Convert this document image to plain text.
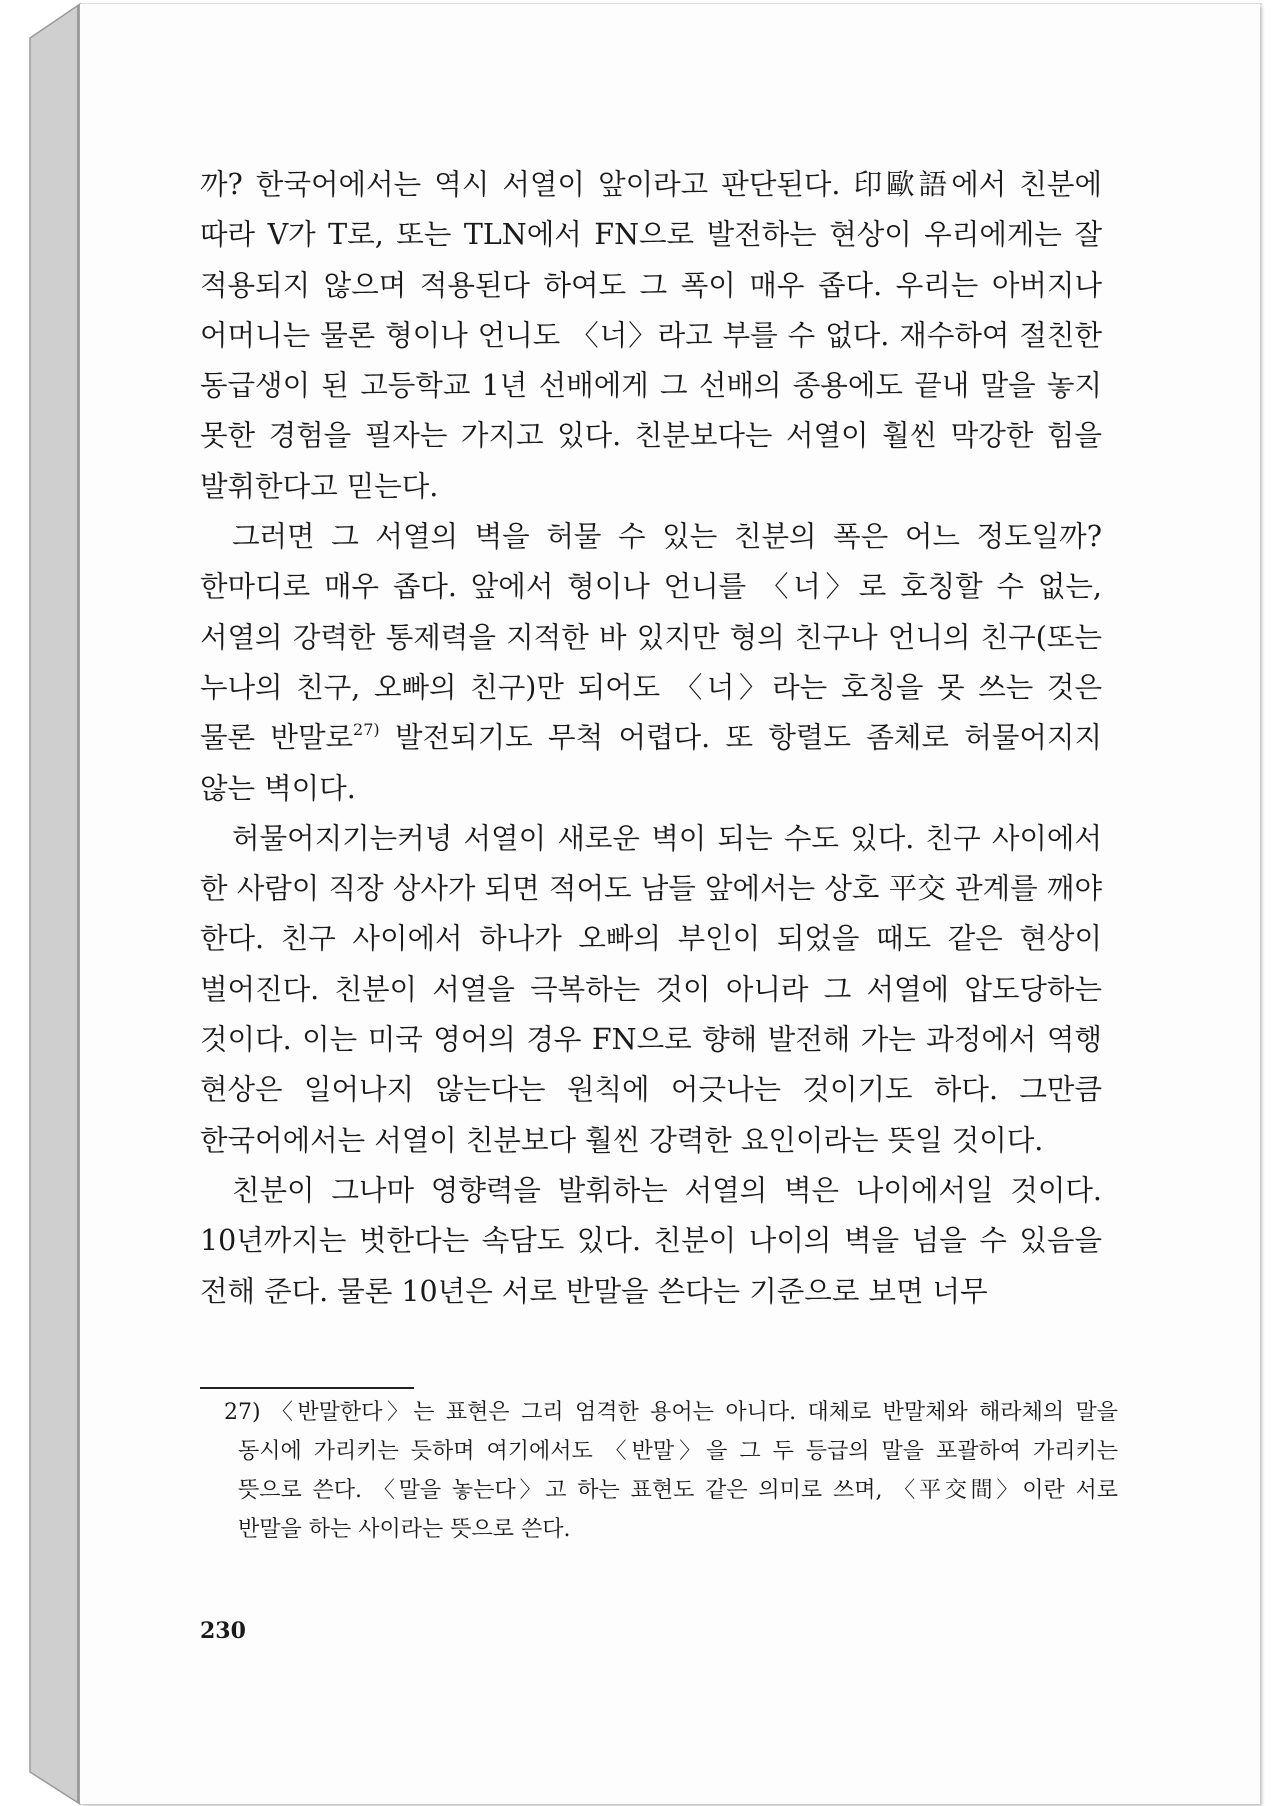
까? 한국어에서는 역시 서열이 앞이라고 판단된다. 印歐語에서 친분에 따라 V가 T로, 또는 TLN에서 FN으로 발전하는 현상이 우리에게는 잘 적용되지 않으며 적용된다 하여도 그 폭이 매우 좁다. 우리는 아버지나 어머니는 물론 형이나 언니도 〈너〉라고 부를 수 없다. 재수하여 절친한 동급생이 된 고등학교 1년 선배에게 그 선배의 종용에도 끝내 말을 놓지 못한 경험을 필자는 가지고 있다. 친분보다는 서열이 훨씬 막강한 힘을 발휘한다고 믿는다.

그러면 그 서열의 벽을 허물 수 있는 친분의 폭은 어느 정도일까? 한마디로 매우 좁다. 앞에서 형이나 언니를 〈너〉로 호칭할 수 없는, 서열의 강력한 통제력을 지적한 바 있지만 형의 친구나 언니의 친구(또는 누나의 친구, 오빠의 친구)만 되어도 〈너〉라는 호칭을 못 쓰는 것은 물론 반말로$^{27)}$ 발전되기도 무척 어렵다. 또 항렬도 좀체로 허물어지지 않는 벽이다.

허물어지기는커녕 서열이 새로운 벽이 되는 수도 있다. 친구 사이에서 한 사람이 직장 상사가 되면 적어도 남들 앞에서는 상호 平交 관계를 깨야 한다. 친구 사이에서 하나가 오빠의 부인이 되었을 때도 같은 현상이 벌어진다. 친분이 서열을 극복하는 것이 아니라 그 서열에 압도당하는 것이다. 이는 미국 영어의 경우 FN으로 향해 발전해 가는 과정에서 역행 현상은 일어나지 않는다는 원칙에 어긋나는 것이기도 하다. 그만큼 한국어에서는 서열이 친분보다 훨씬 강력한 요인이라는 뜻일 것이다.

친분이 그나마 영향력을 발휘하는 서열의 벽은 나이에서일 것이다. 10년까지는 벗한다는 속담도 있다. 친분이 나이의 벽을 넘을 수 있음을 전해 준다. 물론 10년은 서로 반말을 쓴다는 기준으로 보면 너무

27) 〈반말한다〉는 표현은 그리 엄격한 용어는 아니다. 대체로 반말체와 해라체의 말을 동시에 가리키는 듯하며 여기에서도 〈반말〉을 그 두 등급의 말을 포괄하여 가리키는 뜻으로 쓴다. 〈말을 놓는다〉고 하는 표현도 같은 의미로 쓰며, 〈平交間〉이란 서로 반말을 하는 사이라는 뜻으로 쓴다.
230
